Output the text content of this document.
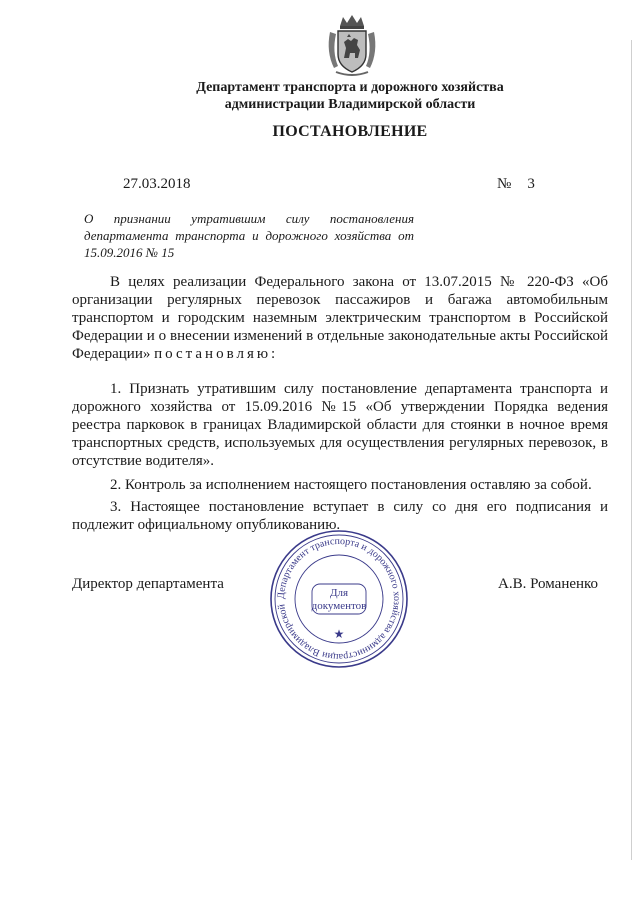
Департамент транспорта и дорожного хозяйства
администрации Владимирской области
ПОСТАНОВЛЕНИЕ
27.03.2018	№ 3
О признании утратившим силу постановления департамента транспорта и дорожного хозяйства от 15.09.2016 № 15
В целях реализации Федерального закона от 13.07.2015 № 220-ФЗ «Об организации регулярных перевозок пассажиров и багажа автомобильным транспортом и городским наземным электрическим транспортом в Российской Федерации и о внесении изменений в отдельные законодательные акты Российской Федерации» постановляю:
1. Признать утратившим силу постановление департамента транспорта и дорожного хозяйства от 15.09.2016 №15 «Об утверждении Порядка ведения реестра парковок в границах Владимирской области для стоянки в ночное время транспортных средств, используемых для осуществления регулярных перевозок, в отсутствие водителя».
2. Контроль за исполнением настоящего постановления оставляю за собой.
3. Настоящее постановление вступает в силу со дня его подписания и подлежит официальному опубликованию.
Директор департамента	А.В. Романенко
Департамент транспорта и дорожного хозяйства администрации Владимирской
Для
документов
★
